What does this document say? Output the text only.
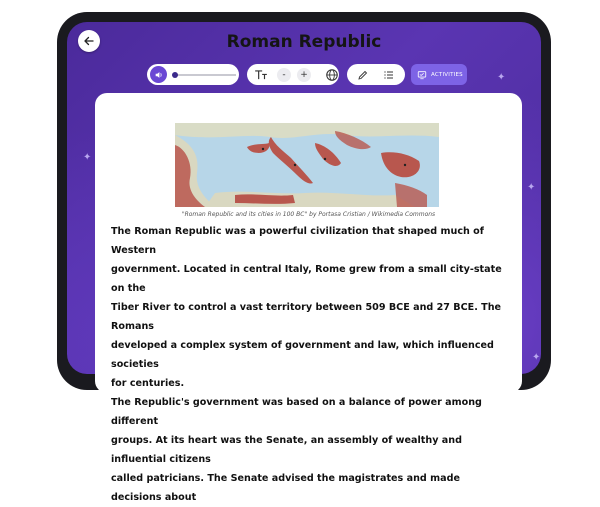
✦
✦
✦
✦
Roman Republic
-	+	ACTIVITIES
"Roman Republic and its cities in 100 BC" by Portasa Cristian / Wikimedia Commons

The Roman Republic was a powerful civilization that shaped much of Western

government. Located in central Italy, Rome grew from a small city-state on the

Tiber River to control a vast territory between 509 BCE and 27 BCE. The Romans

developed a complex system of government and law, which influenced societies

for centuries.

The Republic's government was based on a balance of power among different

groups. At its heart was the Senate, an assembly of wealthy and influential citizens

called patricians. The Senate advised the magistrates and made decisions about
